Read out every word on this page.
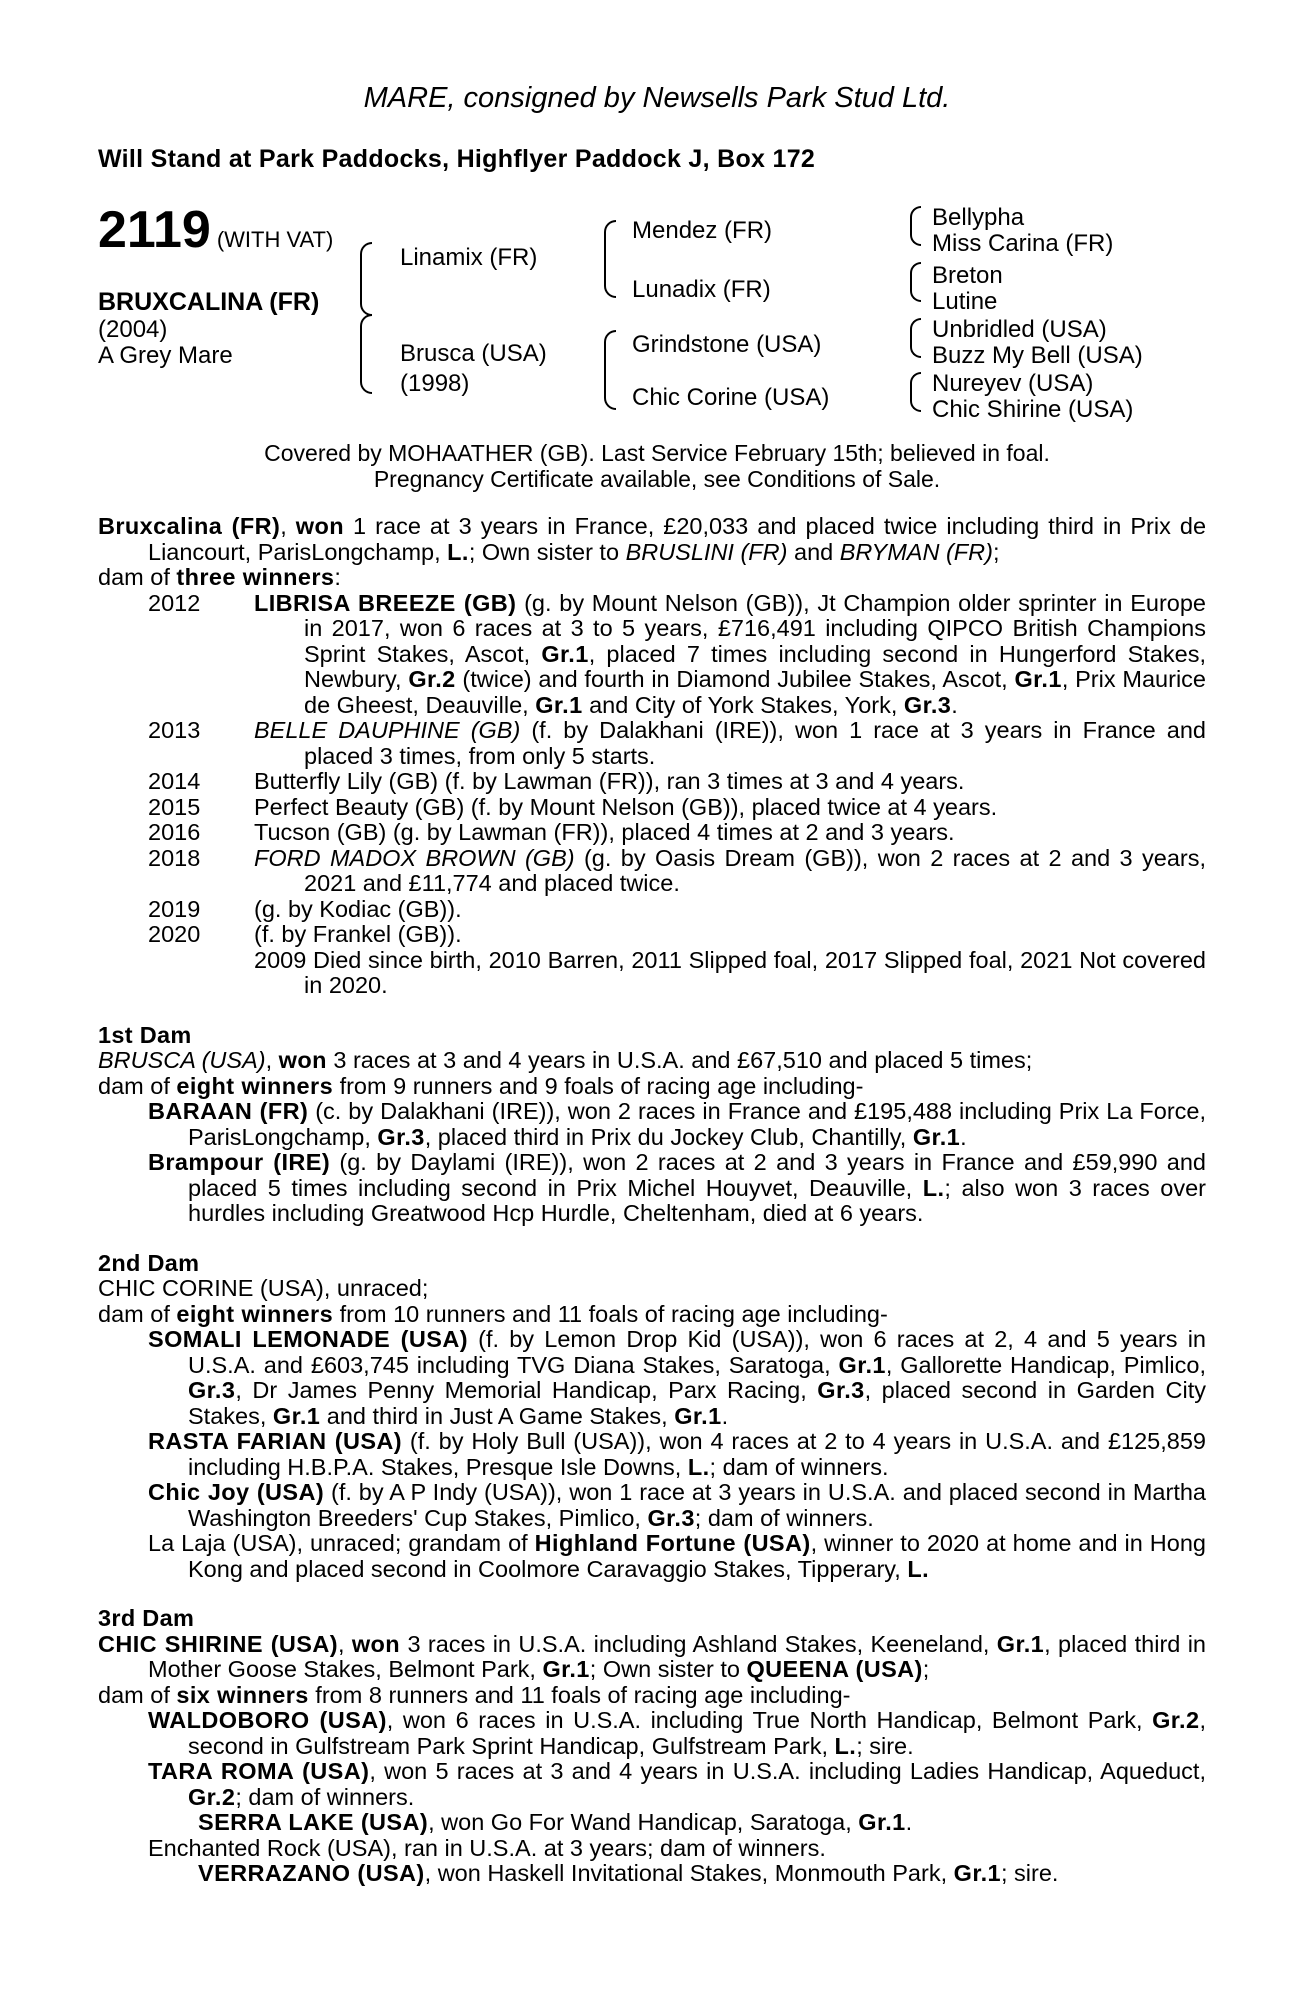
MARE, consigned by Newsells Park Stud Ltd.
Will Stand at Park Paddocks, Highflyer Paddock J, Box 172
2119 (WITH VAT)
BRUXCALINA (FR)
(2004)
A Grey Mare
Linamix (FR)
Brusca (USA)
(1998)
Mendez (FR)
Lunadix (FR)
Grindstone (USA)
Chic Corine (USA)
Bellypha
Miss Carina (FR)
Breton
Lutine
Unbridled (USA)
Buzz My Bell (USA)
Nureyev (USA)
Chic Shirine (USA)
Covered by MOHAATHER (GB). Last Service February 15th; believed in foal.
Pregnancy Certificate available, see Conditions of Sale.

Bruxcalina (FR), won 1 race at 3 years in France, £20,033 and placed twice including third in Prix de Liancourt, ParisLongchamp, L.; Own sister to BRUSLINI (FR) and BRYMAN (FR);

dam of three winners:

2012 LIBRISA BREEZE (GB) (g. by Mount Nelson (GB)), Jt Champion older sprinter in Europe in 2017, won 6 races at 3 to 5 years, £716,491 including QIPCO British Champions Sprint Stakes, Ascot, Gr.1, placed 7 times including second in Hungerford Stakes, Newbury, Gr.2 (twice) and fourth in Diamond Jubilee Stakes, Ascot, Gr.1, Prix Maurice de Gheest, Deauville, Gr.1 and City of York Stakes, York, Gr.3.
2013 BELLE DAUPHINE (GB) (f. by Dalakhani (IRE)), won 1 race at 3 years in France and placed 3 times, from only 5 starts.
2014 Butterfly Lily (GB) (f. by Lawman (FR)), ran 3 times at 3 and 4 years.
2015 Perfect Beauty (GB) (f. by Mount Nelson (GB)), placed twice at 4 years.
2016 Tucson (GB) (g. by Lawman (FR)), placed 4 times at 2 and 3 years.
2018 FORD MADOX BROWN (GB) (g. by Oasis Dream (GB)), won 2 races at 2 and 3 years, 2021 and £11,774 and placed twice.
2019 (g. by Kodiac (GB)).
2020 (f. by Frankel (GB)).
2009 Died since birth, 2010 Barren, 2011 Slipped foal, 2017 Slipped foal, 2021 Not covered in 2020.
1st Dam

BRUSCA (USA), won 3 races at 3 and 4 years in U.S.A. and £67,510 and placed 5 times;

dam of eight winners from 9 runners and 9 foals of racing age including-

BARAAN (FR) (c. by Dalakhani (IRE)), won 2 races in France and £195,488 including Prix La Force, ParisLongchamp, Gr.3, placed third in Prix du Jockey Club, Chantilly, Gr.1.

Brampour (IRE) (g. by Daylami (IRE)), won 2 races at 2 and 3 years in France and £59,990 and placed 5 times including second in Prix Michel Houyvet, Deauville, L.; also won 3 races over hurdles including Greatwood Hcp Hurdle, Cheltenham, died at 6 years.

2nd Dam

CHIC CORINE (USA), unraced;

dam of eight winners from 10 runners and 11 foals of racing age including-

SOMALI LEMONADE (USA) (f. by Lemon Drop Kid (USA)), won 6 races at 2, 4 and 5 years in U.S.A. and £603,745 including TVG Diana Stakes, Saratoga, Gr.1, Gallorette Handicap, Pimlico, Gr.3, Dr James Penny Memorial Handicap, Parx Racing, Gr.3, placed second in Garden City Stakes, Gr.1 and third in Just A Game Stakes, Gr.1.

RASTA FARIAN (USA) (f. by Holy Bull (USA)), won 4 races at 2 to 4 years in U.S.A. and £125,859 including H.B.P.A. Stakes, Presque Isle Downs, L.; dam of winners.

Chic Joy (USA) (f. by A P Indy (USA)), won 1 race at 3 years in U.S.A. and placed second in Martha Washington Breeders' Cup Stakes, Pimlico, Gr.3; dam of winners.

La Laja (USA), unraced; grandam of Highland Fortune (USA), winner to 2020 at home and in Hong Kong and placed second in Coolmore Caravaggio Stakes, Tipperary, L.

3rd Dam

CHIC SHIRINE (USA), won 3 races in U.S.A. including Ashland Stakes, Keeneland, Gr.1, placed third in Mother Goose Stakes, Belmont Park, Gr.1; Own sister to QUEENA (USA);

dam of six winners from 8 runners and 11 foals of racing age including-

WALDOBORO (USA), won 6 races in U.S.A. including True North Handicap, Belmont Park, Gr.2, second in Gulfstream Park Sprint Handicap, Gulfstream Park, L.; sire.

TARA ROMA (USA), won 5 races at 3 and 4 years in U.S.A. including Ladies Handicap, Aqueduct, Gr.2; dam of winners.

SERRA LAKE (USA), won Go For Wand Handicap, Saratoga, Gr.1.

Enchanted Rock (USA), ran in U.S.A. at 3 years; dam of winners.

VERRAZANO (USA), won Haskell Invitational Stakes, Monmouth Park, Gr.1; sire.
